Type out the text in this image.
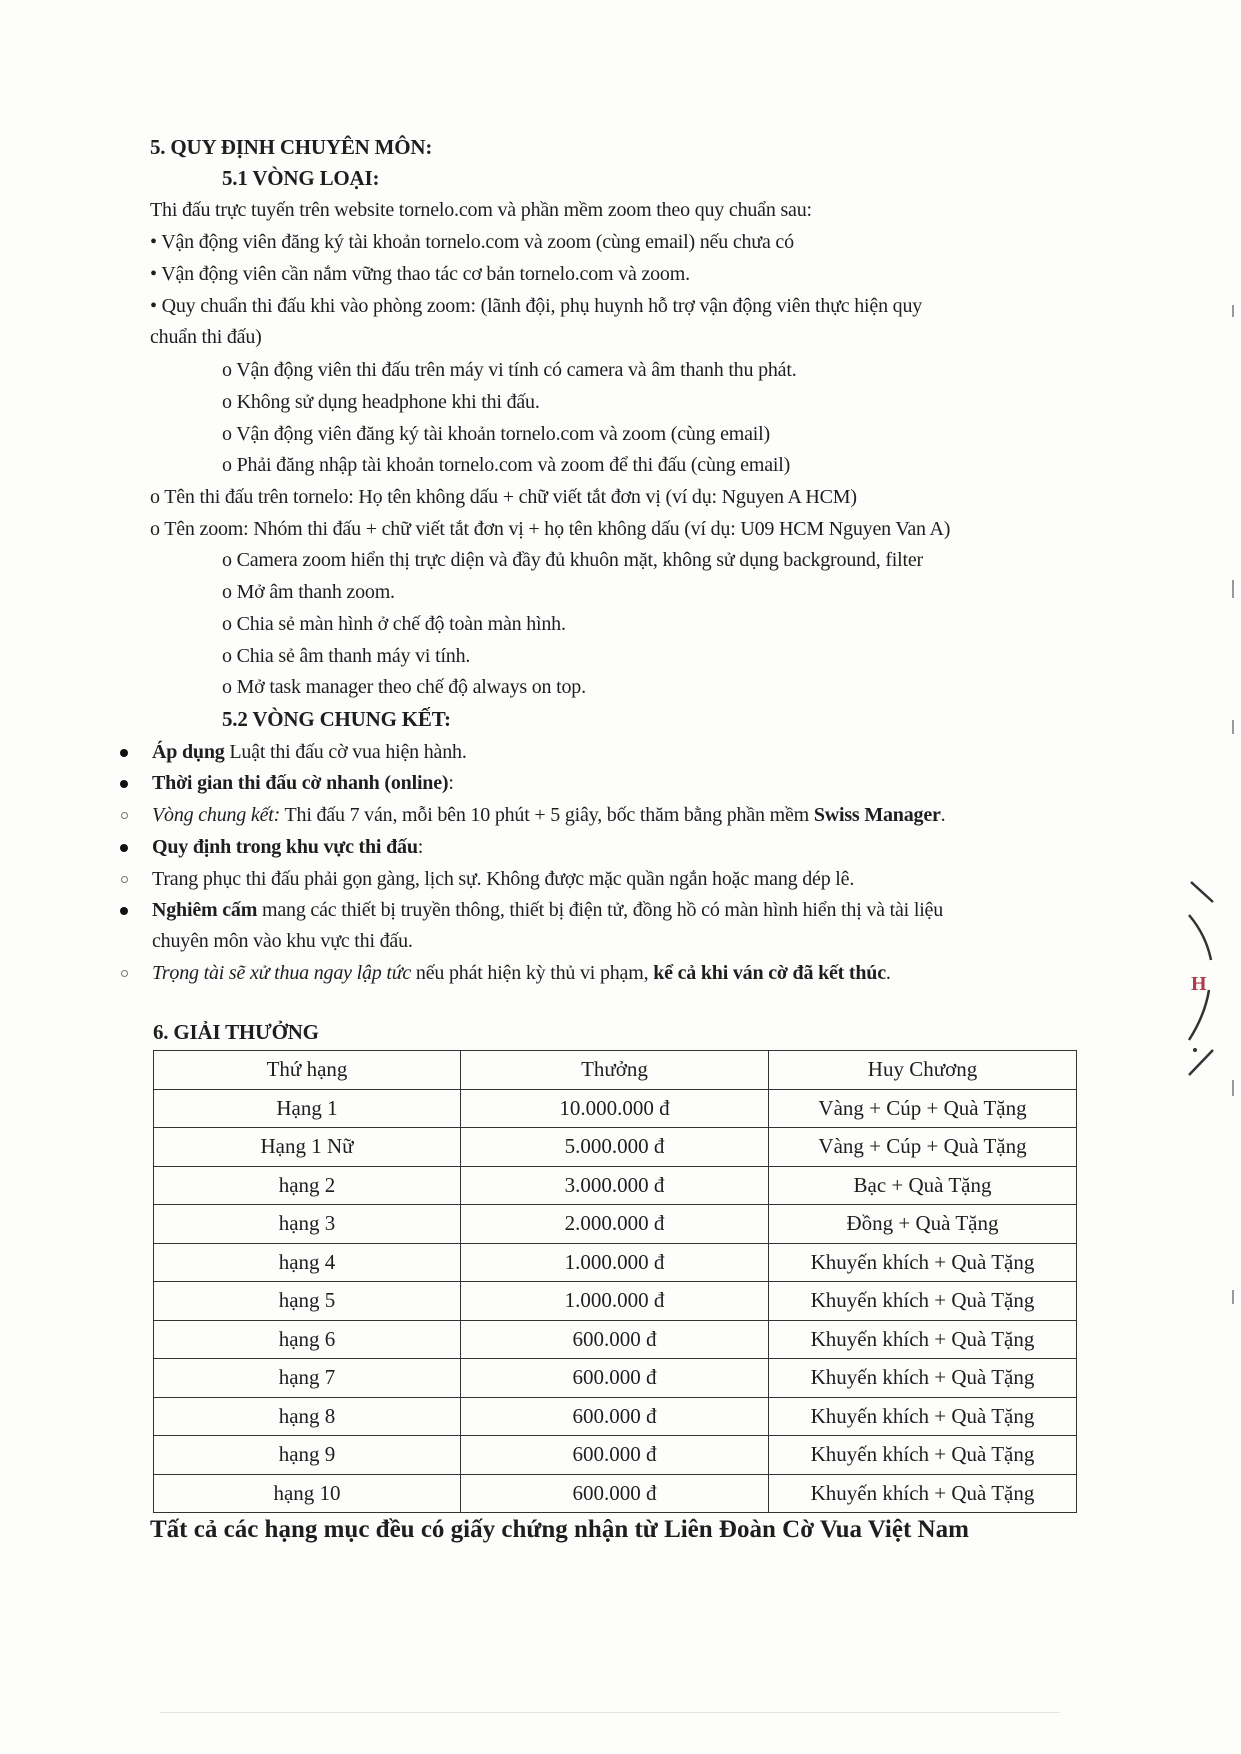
5. QUY ĐỊNH CHUYÊN MÔN:
5.1 VÒNG LOẠI:
Thi đấu trực tuyến trên website tornelo.com và phần mềm zoom theo quy chuẩn sau:
• Vận động viên đăng ký tài khoản tornelo.com và zoom (cùng email) nếu chưa có
• Vận động viên cần nắm vững thao tác cơ bản tornelo.com và zoom.
• Quy chuẩn thi đấu khi vào phòng zoom: (lãnh đội, phụ huynh hỗ trợ vận động viên thực hiện quy
chuẩn thi đấu)
o Vận động viên thi đấu trên máy vi tính có camera và âm thanh thu phát.
o Không sử dụng headphone khi thi đấu.
o Vận động viên đăng ký tài khoản tornelo.com và zoom (cùng email)
o Phải đăng nhập tài khoản tornelo.com và zoom để thi đấu (cùng email)
o Tên thi đấu trên tornelo: Họ tên không dấu + chữ viết tắt đơn vị (ví dụ: Nguyen A HCM)
o Tên zoom: Nhóm thi đấu + chữ viết tắt đơn vị + họ tên không dấu (ví dụ: U09 HCM Nguyen Van A)
o Camera zoom hiển thị trực diện và đầy đủ khuôn mặt, không sử dụng background, filter
o Mở âm thanh zoom.
o Chia sẻ màn hình ở chế độ toàn màn hình.
o Chia sẻ âm thanh máy vi tính.
o Mở task manager theo chế độ always on top.
5.2 VÒNG CHUNG KẾT:
Áp dụng Luật thi đấu cờ vua hiện hành.
Thời gian thi đấu cờ nhanh (online):
Vòng chung kết: Thi đấu 7 ván, mỗi bên 10 phút + 5 giây, bốc thăm bằng phần mềm Swiss Manager.
Quy định trong khu vực thi đấu:
Trang phục thi đấu phải gọn gàng, lịch sự. Không được mặc quần ngắn hoặc mang dép lê.
Nghiêm cấm mang các thiết bị truyền thông, thiết bị điện tử, đồng hồ có màn hình hiển thị và tài liệu
chuyên môn vào khu vực thi đấu.
Trọng tài sẽ xử thua ngay lập tức nếu phát hiện kỳ thủ vi phạm, kể cả khi ván cờ đã kết thúc.
6. GIẢI THƯỞNG
Thứ hạng	Thưởng	Huy Chương
Hạng 1	10.000.000 đ	Vàng + Cúp + Quà Tặng
Hạng 1 Nữ	5.000.000 đ	Vàng + Cúp + Quà Tặng
hạng 2	3.000.000 đ	Bạc + Quà Tặng
hạng 3	2.000.000 đ	Đồng + Quà Tặng
hạng 4	1.000.000 đ	Khuyến khích + Quà Tặng
hạng 5	1.000.000 đ	Khuyến khích + Quà Tặng
hạng 6	600.000 đ	Khuyến khích + Quà Tặng
hạng 7	600.000 đ	Khuyến khích + Quà Tặng
hạng 8	600.000 đ	Khuyến khích + Quà Tặng
hạng 9	600.000 đ	Khuyến khích + Quà Tặng
hạng 10	600.000 đ	Khuyến khích + Quà Tặng
Tất cả các hạng mục đều có giấy chứng nhận từ Liên Đoàn Cờ Vua Việt Nam
H
